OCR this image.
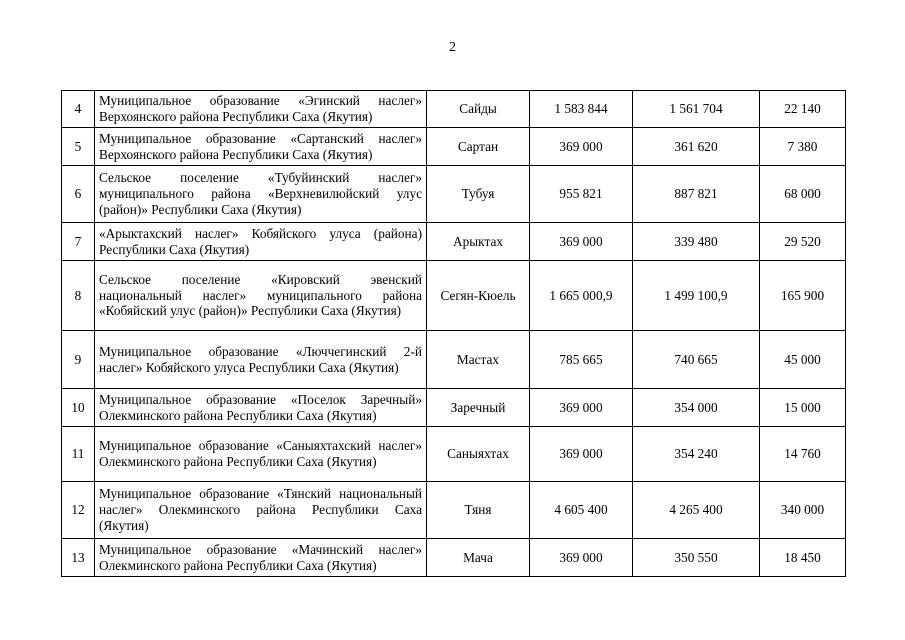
2
4	Муниципальное образование «Эгинский наслег» Верхоянского района Республики Саха (Якутия)	Сайды	1 583 844	1 561 704	22 140
5	Муниципальное образование «Сартанский наслег» Верхоянского района Республики Саха (Якутия)	Сартан	369 000	361 620	7 380
6	Сельское поселение «Тубуйинский наслег» муниципального района «Верхневилюйский улус (район)» Республики Саха (Якутия)	Тубуя	955 821	887 821	68 000
7	«Арыктахский наслег» Кобяйского улуса (района) Республики Саха (Якутия)	Арыктах	369 000	339 480	29 520
8	Сельское поселение «Кировский эвенский национальный наслег» муниципального района «Кобяйский улус (район)» Республики Саха (Якутия)	Сегян-Кюель	1 665 000,9	1 499 100,9	165 900
9	Муниципальное образование «Люччегинский 2-й наслег» Кобяйского улуса Республики Саха (Якутия)	Мастах	785 665	740 665	45 000
10	Муниципальное образование «Поселок Заречный» Олекминского района Республики Саха (Якутия)	Заречный	369 000	354 000	15 000
11	Муниципальное образование «Саныяхтахский наслег» Олекминского района Республики Саха (Якутия)	Саныяхтах	369 000	354 240	14 760
12	Муниципальное образование «Тянский национальный наслег» Олекминского района Республики Саха (Якутия)	Тяня	4 605 400	4 265 400	340 000
13	Муниципальное образование «Мачинский наслег» Олекминского района Республики Саха (Якутия)	Мача	369 000	350 550	18 450
